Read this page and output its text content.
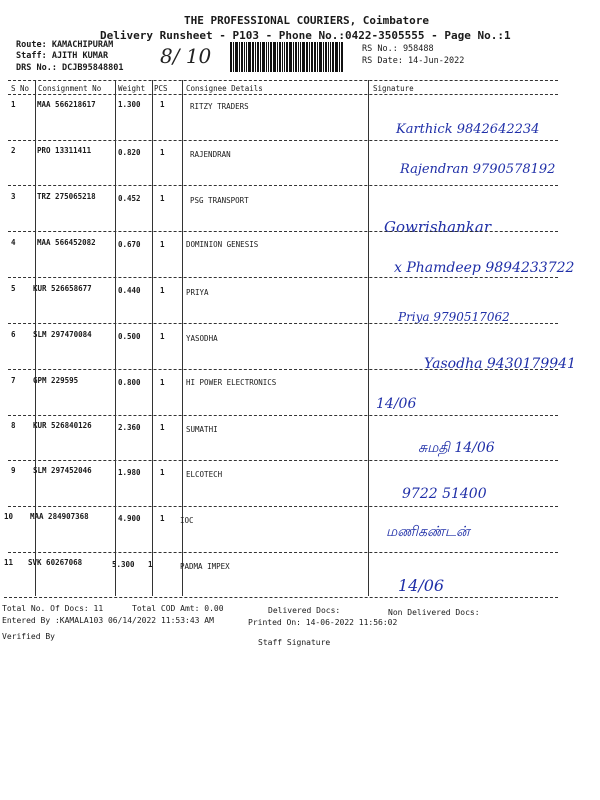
THE PROFESSIONAL COURIERS, Coimbatore
Delivery Runsheet - P103 - Phone No.:0422-3505555 - Page No.:1
Route: KAMACHIPURAM
Staff: AJITH KUMAR
DRS No.: DCJB95848801 8/ 10	RS No.: 958488
RS Date: 14-Jun-2022
S No Consignment No Weight PCS Consignee Details	Signature
1	MAA 566218617	1.300	1	RITZY TRADERS
Karthick 9842642234
2	PRO 13311411	0.820	1	RAJENDRAN
Rajendran 9790578192
3	TRZ 275065218	0.452	1	PSG TRANSPORT
Gowrishankar
4	MAA 566452082	0.670	1	DOMINION GENESIS
x Phamdeep 9894233722
5 KUR 526658677	0.440	1	PRIYA
Priya 9790517062
6 SLM 297470084	0.500	1	YASODHA
Yasodha 9430179941
7 GPM 229595	0.800	1	HI POWER ELECTRONICS
14/06
8 KUR 526840126	2.360	1	SUMATHI
சுமதி 14/06
9 SLM 297452046	1.980	1	ELCOTECH
9722 51400
10 MAA 284907368	4.900	1 IOC
மணிகண்டன்
11 SVK 60267068	5.300 1	PADMA IMPEX
14/06
Total No. Of Docs: 11	Total COD Amt: 0.00	Delivered Docs:	Non Delivered Docs:
Entered By :KAMALA103 06/14/2022 11:53:43 AM	Printed On: 14-06-2022 11:56:02
Verified By
Staff Signature
